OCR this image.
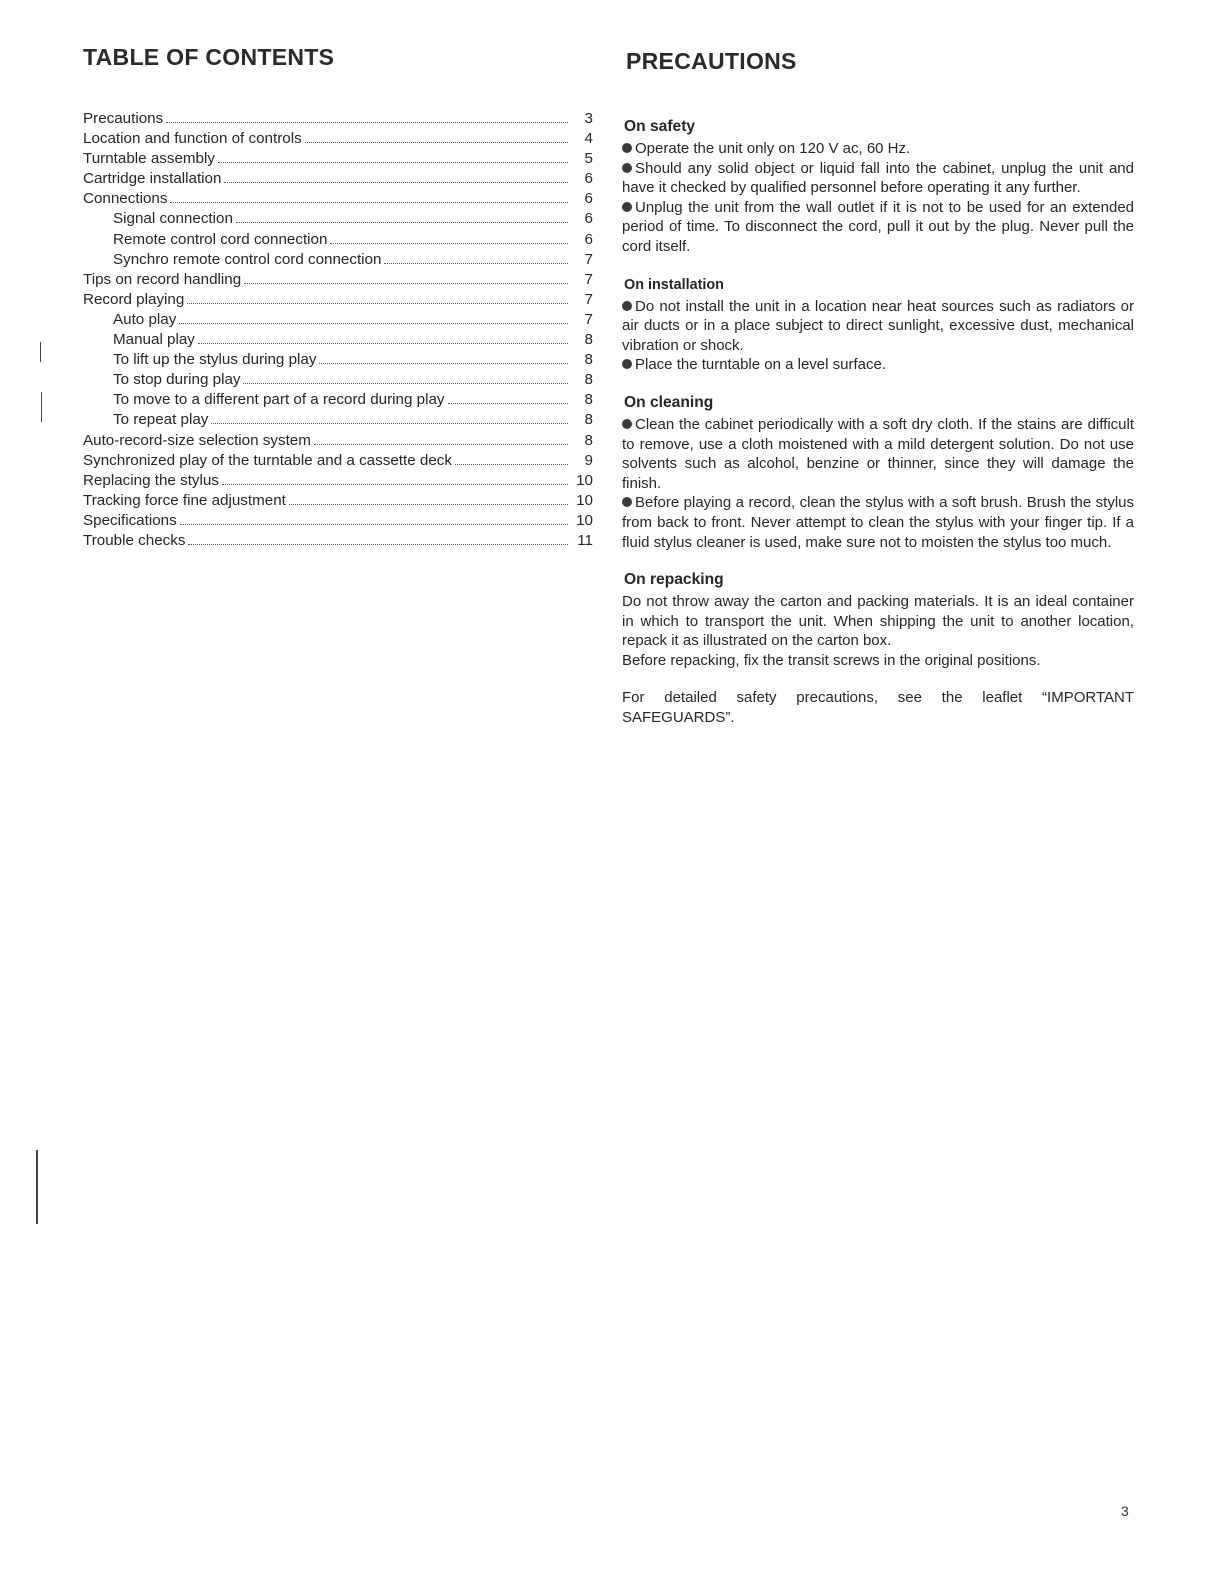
TABLE OF CONTENTS
Precautions	3
Location and function of controls	4
Turntable assembly	5
Cartridge installation	6
Connections	6
Signal connection	6
Remote control cord connection	6
Synchro remote control cord connection	7
Tips on record handling	7
Record playing	7
Auto play	7
Manual play	8
To lift up the stylus during play	8
To stop during play	8
To move to a different part of a record during play	8
To repeat play	8
Auto-record-size selection system	8
Synchronized play of the turntable and a cassette deck	9
Replacing the stylus	10
Tracking force fine adjustment	10
Specifications	10
Trouble checks	11
PRECAUTIONS
On safety

Operate the unit only on 120 V ac, 60 Hz.

Should any solid object or liquid fall into the cabinet, unplug the unit and have it checked by qualified personnel before operating it any further.

Unplug the unit from the wall outlet if it is not to be used for an extended period of time. To disconnect the cord, pull it out by the plug. Never pull the cord itself.

On installation

Do not install the unit in a location near heat sources such as radiators or air ducts or in a place subject to direct sunlight, excessive dust, mechanical vibration or shock.

Place the turntable on a level surface.

On cleaning

Clean the cabinet periodically with a soft dry cloth. If the stains are difficult to remove, use a cloth moistened with a mild detergent solution. Do not use solvents such as alcohol, benzine or thinner, since they will damage the finish.

Before playing a record, clean the stylus with a soft brush. Brush the stylus from back to front. Never attempt to clean the stylus with your finger tip. If a fluid stylus cleaner is used, make sure not to moisten the stylus too much.

On repacking

Do not throw away the carton and packing materials. It is an ideal container in which to transport the unit. When shipping the unit to another location, repack it as illustrated on the carton box.

Before repacking, fix the transit screws in the original positions.

For detailed safety precautions, see the leaflet “IMPORTANT SAFEGUARDS”.

3
